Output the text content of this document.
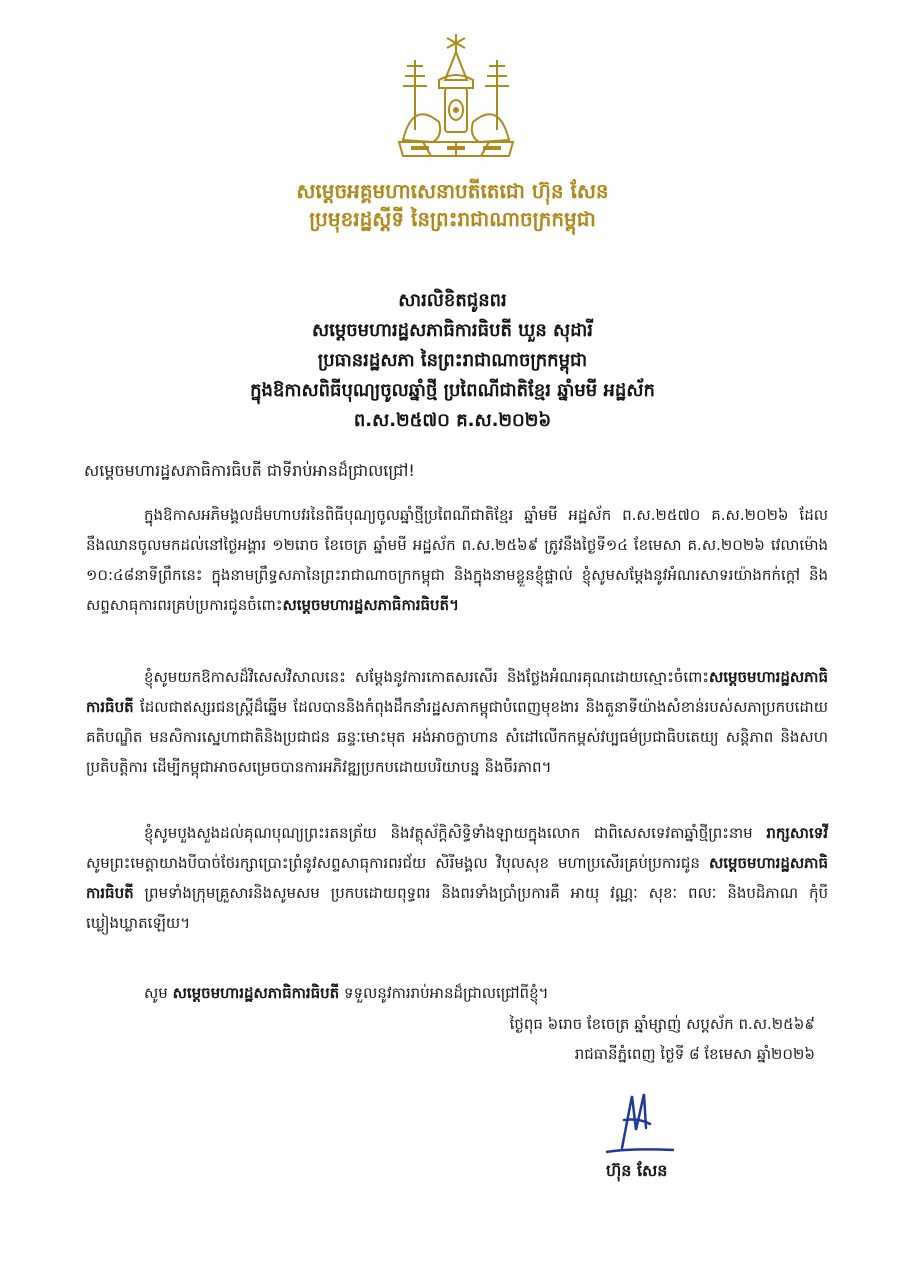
សម្តេចអគ្គមហាសេនាបតីតេជោ ហ៊ុន សែន
ប្រមុខរដ្ឋស្តីទី នៃព្រះរាជាណាចក្រកម្ពុជា
សារលិខិតជូនពរ
សម្តេចមហារដ្ឋសភាធិការធិបតី ឃួន សុដារី
ប្រធានរដ្ឋសភា នៃព្រះរាជាណាចក្រកម្ពុជា
ក្នុងឱកាសពិធីបុណ្យចូលឆ្នាំថ្មី ប្រពៃណីជាតិខ្មែរ ឆ្នាំមមី អដ្ឋស័ក
ព.ស.២៥៧០ គ.ស.២០២៦
សម្តេចមហារដ្ឋសភាធិការធិបតី ជាទីរាប់អានដ៏ជ្រាលជ្រៅ!

ក្នុងឱកាសអភិមង្គលដ៏មហាបវរនៃពិធីបុណ្យចូលឆ្នាំថ្មីប្រពៃណីជាតិខ្មែរ ឆ្នាំមមី អដ្ឋស័ក ព.ស.២៥៧០ គ.ស.២០២៦ ដែលនឹងឈានចូលមកដល់នៅថ្ងៃអង្គារ ១២រោច ខែចេត្រ ឆ្នាំមមី អដ្ឋស័ក ព.ស.២៥៦៩ ត្រូវនឹងថ្ងៃទី១៤ ខែមេសា គ.ស.២០២៦ វេលាម៉ោង ១០:៤៨នាទីព្រឹកនេះ ក្នុងនាមព្រឹទ្ធសភានៃព្រះរាជាណាចក្រកម្ពុជា និងក្នុងនាមខ្លួនខ្ញុំផ្ទាល់ ខ្ញុំសូមសម្តែងនូវអំណរសាទរយ៉ាងកក់ក្តៅ និងសព្ទសាធុការពរគ្រប់ប្រការជូនចំពោះសម្តេចមហារដ្ឋសភាធិការធិបតី។

ខ្ញុំសូមយកឱកាសដ៏វិសេសវិសាលនេះ សម្តែងនូវការកោតសរសើរ និងថ្លែងអំណរគុណដោយស្មោះចំពោះសម្តេចមហារដ្ឋសភាធិការធិបតី ដែលជាឥស្សរជនស្ត្រីដ៏ឆ្នើម ដែលបាននិងកំពុងដឹកនាំរដ្ឋសភាកម្ពុជាបំពេញមុខងារ និងតួនាទីយ៉ាងសំខាន់របស់សភាប្រកបដោយគតិបណ្ឌិត មនសិការស្នេហាជាតិនិងប្រជាជន ឆន្ទៈមោះមុត អង់អាចក្លាហាន សំដៅលើកកម្ពស់វប្បធម៌ប្រជាធិបតេយ្យ សន្តិភាព និងសហប្រតិបត្តិការ ដើម្បីកម្ពុជាអាចសម្រេចបានការអភិវឌ្ឍប្រកបដោយបរិយាបន្ន និងចីរភាព។

ខ្ញុំសូមបួងសួងដល់គុណបុណ្យព្រះរតនត្រ័យ និងវត្ថុស័ក្តិសិទ្ធិទាំងឡាយក្នុងលោក ជាពិសេសទេវតាឆ្នាំថ្មីព្រះនាម រាក្សសាទេវី សូមព្រះមេត្តាយាងបីបាច់ថែរក្សាប្រោះព្រំនូវសព្ទសាធុការពរជ័យ សិរីមង្គល វិបុលសុខ មហាប្រសើរគ្រប់ប្រការជូន សម្តេចមហារដ្ឋសភាធិការធិបតី ព្រមទាំងក្រុមគ្រួសារនិងសូមសម ប្រកបដោយពុទ្ធពរ និងពរទាំងប្រាំប្រការគឺ អាយុ វណ្ណៈ សុខៈ ពលៈ និងបដិភាណ កុំបីឃ្លៀងឃ្លាតឡើយ។

សូម សម្តេចមហារដ្ឋសភាធិការធិបតី ទទួលនូវការរាប់អានដ៏ជ្រាលជ្រៅពីខ្ញុំ។

ថ្ងៃពុធ ៦រោច ខែចេត្រ ឆ្នាំម្សាញ់ សប្តស័ក ព.ស.២៥៦៩
រាជធានីភ្នំពេញ ថ្ងៃទី ៨ ខែមេសា ឆ្នាំ២០២៦
ហ៊ុន សែន
